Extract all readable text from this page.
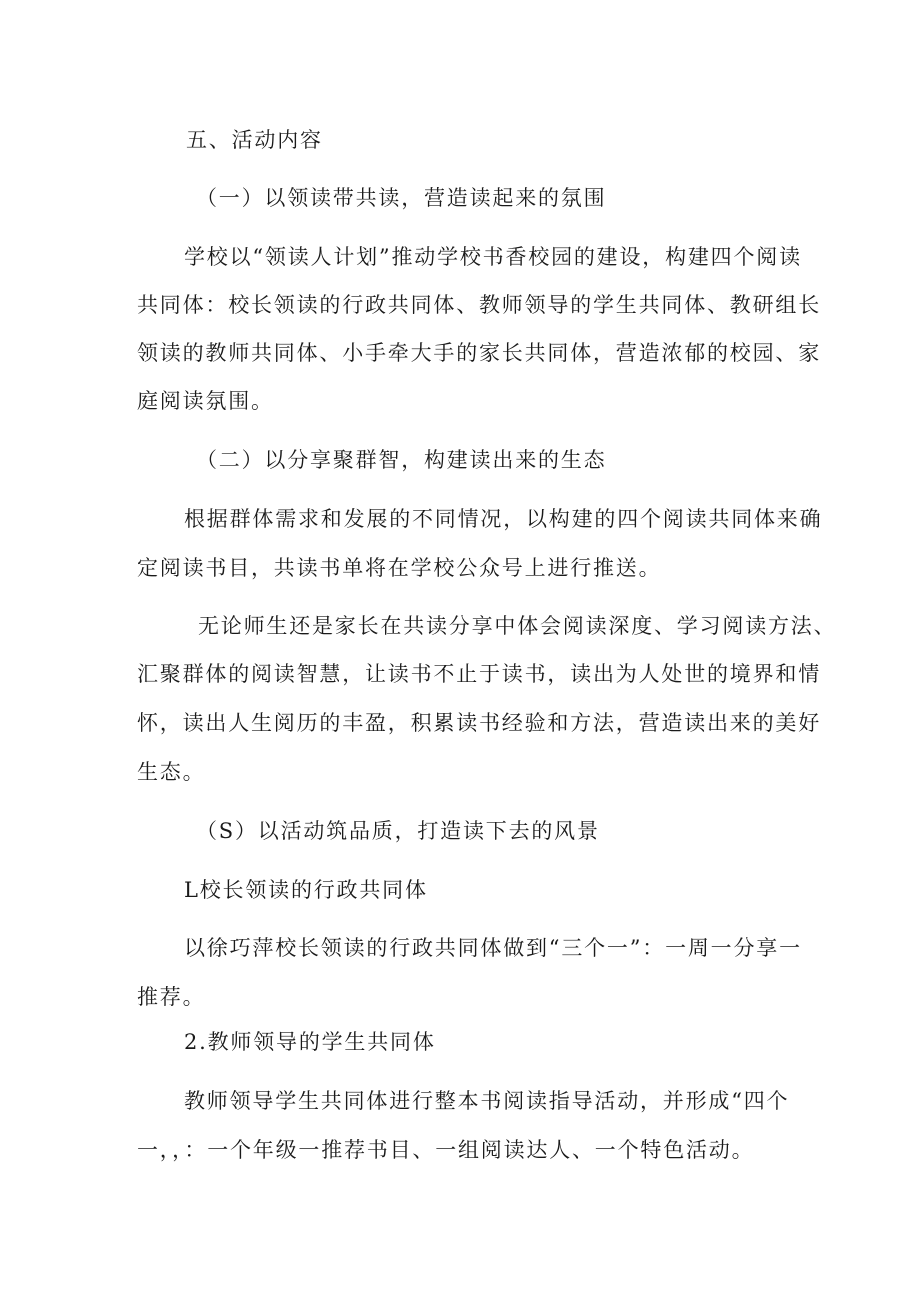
五、活动内容
（一）以领读带共读，营造读起来的氛围
学校以“领读人计划”推动学校书香校园的建设，构建四个阅读
共同体：校长领读的行政共同体、教师领导的学生共同体、教研组长
领读的教师共同体、小手牵大手的家长共同体，营造浓郁的校园、家
庭阅读氛围。
（二）以分享聚群智，构建读出来的生态
根据群体需求和发展的不同情况，以构建的四个阅读共同体来确
定阅读书目，共读书单将在学校公众号上进行推送。
无论师生还是家长在共读分享中体会阅读深度、学习阅读方法、
汇聚群体的阅读智慧，让读书不止于读书，读出为人处世的境界和情
怀，读出人生阅历的丰盈，积累读书经验和方法，营造读出来的美好
生态。
（S）以活动筑品质，打造读下去的风景
L校长领读的行政共同体
以徐巧萍校长领读的行政共同体做到“三个一”：一周一分享一
推荐。
2.教师领导的学生共同体
教师领导学生共同体进行整本书阅读指导活动，并形成“四个
一，，：一个年级一推荐书目、一组阅读达人、一个特色活动。
